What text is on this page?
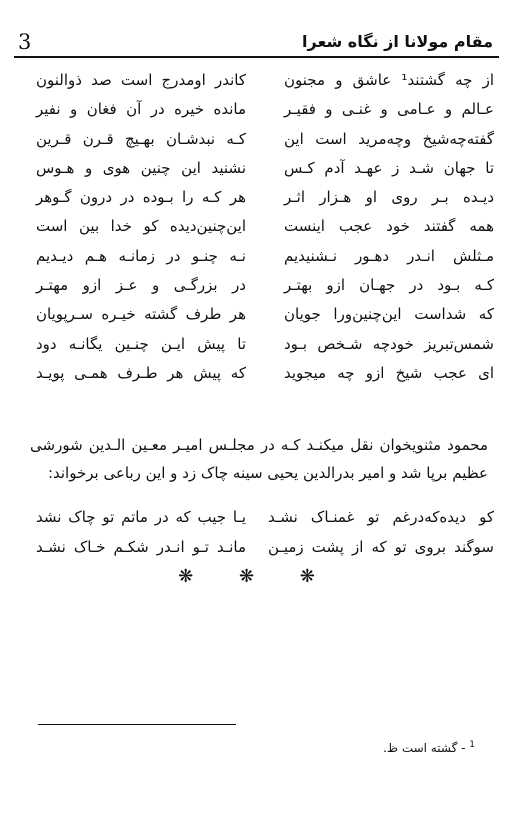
3	مقام مولانا از نگاه شعرا
از چه گشتند¹ عاشق و مجنون
کاندر اومدرج است صد ذوالنون
عـالم و عـامی و غنـی و فقیـر
مانده خیره در آن فغان و نفیر
گفته‌چه‌شیخ وچه‌مرید است این
کـه نبدشـان بهـیچ قـرن قـرین
تا جهان شـد ز عهـد آدم کـس
نشنید این چنین هوی و هـوس
دیـده بـر روی او هـزار اثـر
هر کـه را بـوده در درون گـوهر
همه گفتند خود عجب اینست
این‌چنین‌دیده کو خدا بین است
مـثلش انـدر دهـور نـشنیدیم
نـه چنـو در زمانـه هـم دیـدیم
کـه بـود در جهـان ازو بهتـر
در بزرگـی و عـز ازو مهتـر
که شداست این‌چنین‌ورا جویان
هر طرف گشته خیـره سـرپویان
شمس‌تبریز خودچه شـخص بـود
تا پیش ایـن چنـین یگانـه دود
ای عجب شیخ ازو چه میجوید
که پیش هر طـرف همـی پویـد

محمود مثنویخوان نقل میکنـد کـه در مجلـس امیـر معـین الـدین شورشی عظیم برپا شد و امیر بدرالدین یحیی سینه چاک زد و این رباعی برخواند:

کو دیده‌که‌درغم تو غمنـاک نشـد
یـا جیب که در ماتم تو چاک نشد
سوگند بروی تو که از پشت زمیـن
مانـد تـو انـدر شکـم خـاک نشـد
❋ ❋ ❋
$^1$ - گشته است ظ.
